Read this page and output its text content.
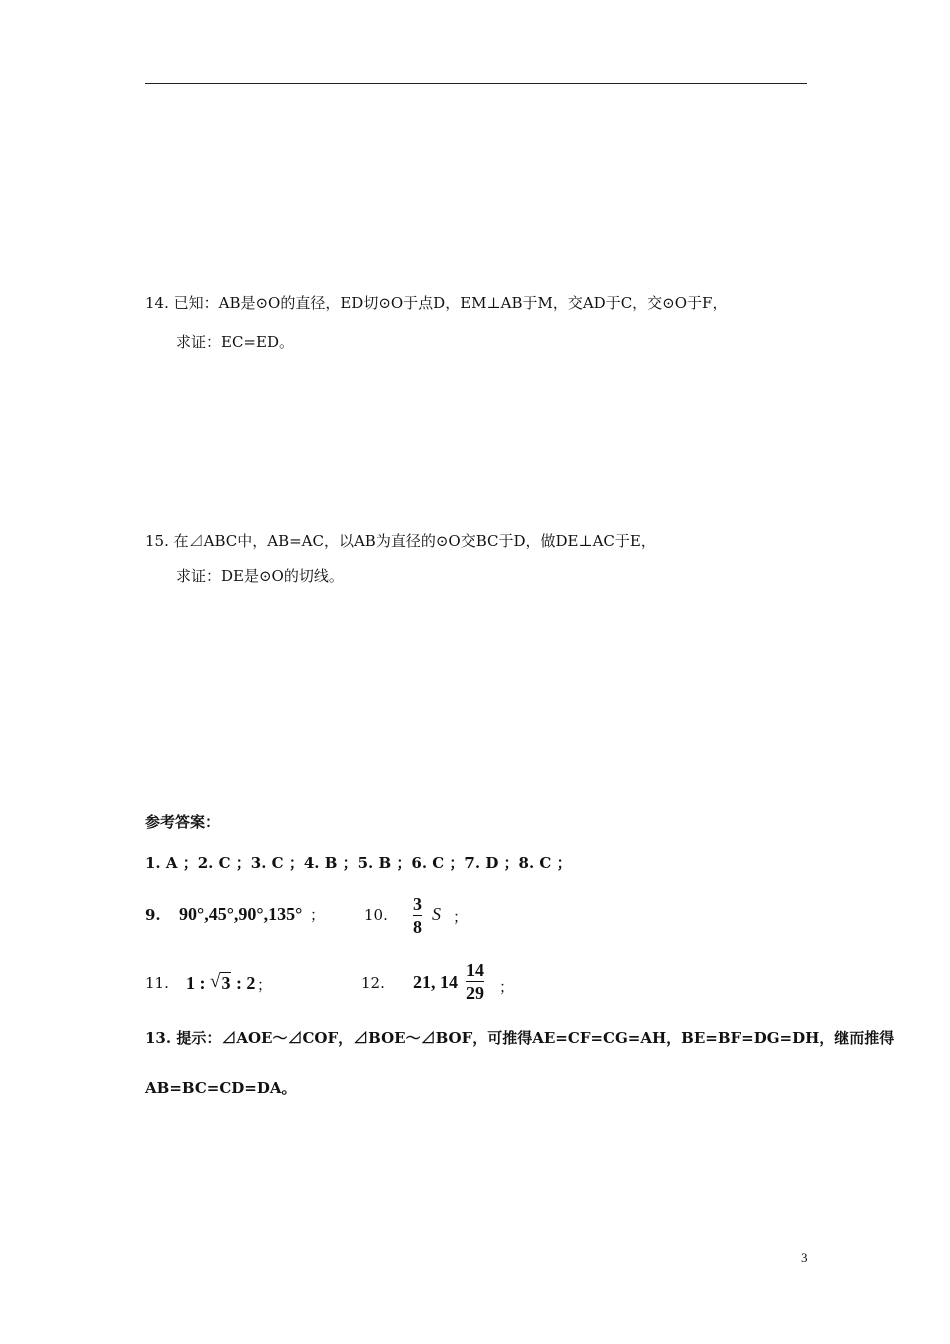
14. 已知：AB是⊙O的直径，ED切⊙O于点D，EM⊥AB于M，交AD于C，交⊙O于F，
求证：EC=ED。
15. 在⊿ABC中，AB=AC，以AB为直径的⊙O交BC于D，做DE⊥AC于E，
求证：DE是⊙O的切线。
参考答案：
1. A ；2. C ；3. C ；4. B ；5. B ；6. C ；7. D ；8. C ；
9. 90°,45°,90°,135° ；	10.
3
8
S ；
11. 1 : √ 3 : 2 ；	12. 21, 14
14
29 ；
13. 提示：⊿AOE～⊿COF，⊿BOE～⊿BOF，可推得AE=CF=CG=AH，BE=BF=DG=DH，继而推得
AB=BC=CD=DA。
3
